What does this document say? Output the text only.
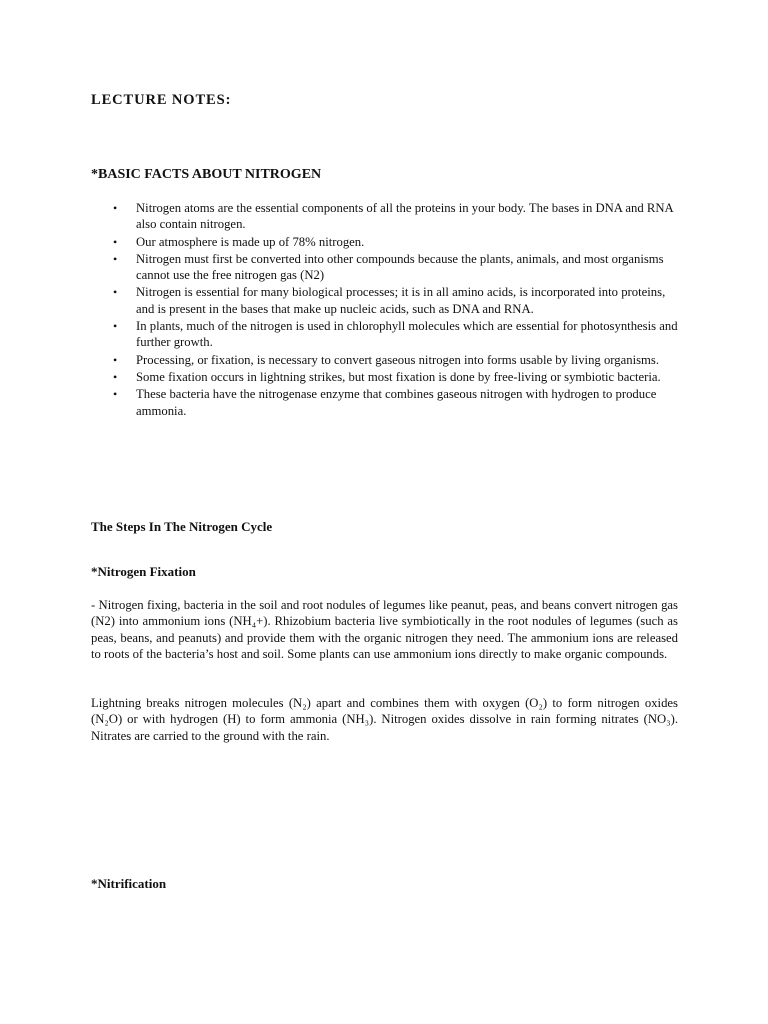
LECTURE NOTES:
*BASIC FACTS ABOUT NITROGEN
• Nitrogen atoms are the essential components of all the proteins in your body. The bases in DNA and RNA also contain nitrogen.
• Our atmosphere is made up of 78% nitrogen.
• Nitrogen must first be converted into other compounds because the plants, animals, and most organisms cannot use the free nitrogen gas (N2)
• Nitrogen is essential for many biological processes; it is in all amino acids, is incorporated into proteins, and is present in the bases that make up nucleic acids, such as DNA and RNA.
• In plants, much of the nitrogen is used in chlorophyll molecules which are essential for photosynthesis and further growth.
• Processing, or fixation, is necessary to convert gaseous nitrogen into forms usable by living organisms.
• Some fixation occurs in lightning strikes, but most fixation is done by free-living or symbiotic bacteria.
• These bacteria have the nitrogenase enzyme that combines gaseous nitrogen with hydrogen to produce ammonia.
The Steps In The Nitrogen Cycle
*Nitrogen Fixation

- Nitrogen fixing, bacteria in the soil and root nodules of legumes like peanut, peas, and beans convert nitrogen gas (N2) into ammonium ions (NH₄+). Rhizobium bacteria live symbiotically in the root nodules of legumes (such as peas, beans, and peanuts) and provide them with the organic nitrogen they need. The ammonium ions are released to roots of the bacteria’s host and soil. Some plants can use ammonium ions directly to make organic compounds.

Lightning breaks nitrogen molecules (N₂) apart and combines them with oxygen (O₂) to form nitrogen oxides (N₂O) or with hydrogen (H) to form ammonia (NH₃). Nitrogen oxides dissolve in rain forming nitrates (NO₃). Nitrates are carried to the ground with the rain.

*Nitrification
